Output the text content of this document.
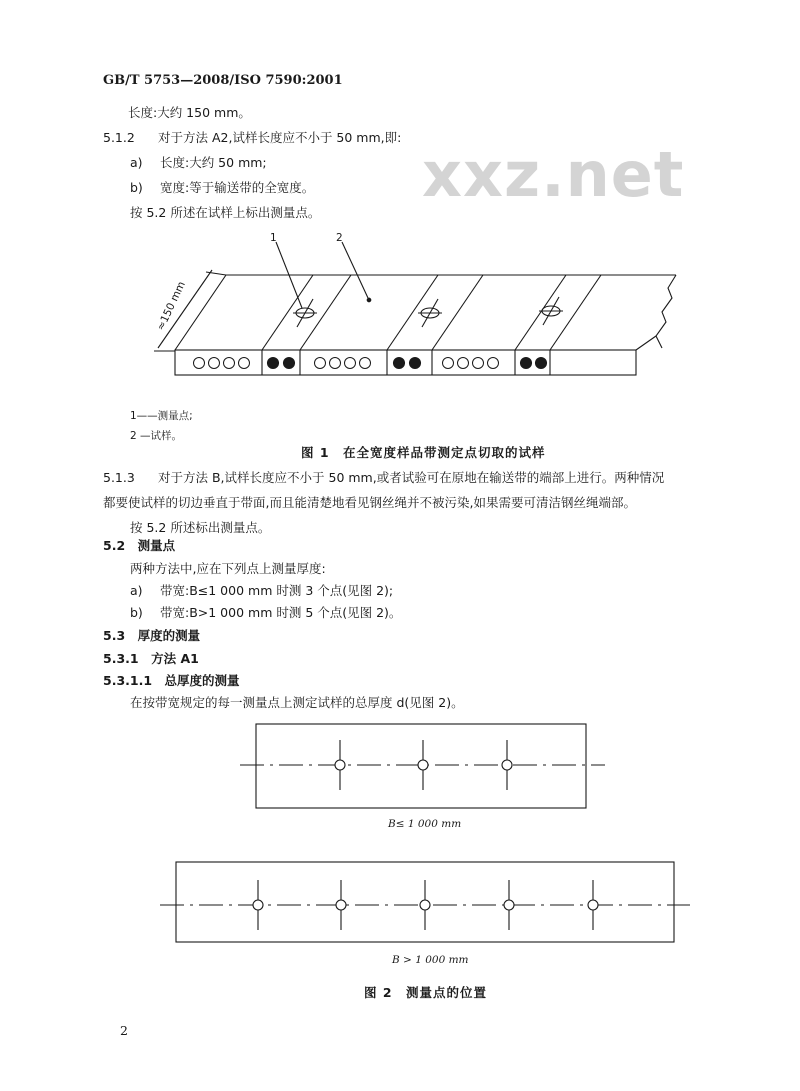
GB/T 5753—2008/ISO 7590:2001
xxz.net
长度:大约 150 mm。
5.1.2 对于方法 A2,试样长度应不小于 50 mm,即:
a) 长度:大约 50 mm;
b) 宽度:等于输送带的全宽度。
按 5.2 所述在试样上标出测量点。
1	2
≈150 mm
1——测量点;
2 —试样。
图 1　在全宽度样品带测定点切取的试样
5.1.3 对于方法 B,试样长度应不小于 50 mm,或者试验可在原地在输送带的端部上进行。两种情况
都要使试样的切边垂直于带面,而且能清楚地看见钢丝绳并不被污染,如果需要可清洁钢丝绳端部。
按 5.2 所述标出测量点。
5.2　测量点
两种方法中,应在下列点上测量厚度:
a) 带宽:B≤1 000 mm 时测 3 个点(见图 2);
b) 带宽:B>1 000 mm 时测 5 个点(见图 2)。
5.3　厚度的测量
5.3.1　方法 A1
5.3.1.1　总厚度的测量
在按带宽规定的每一测量点上测定试样的总厚度 d(见图 2)。
B≤ 1 000 mm
B > 1 000 mm
图 2　测量点的位置
2
